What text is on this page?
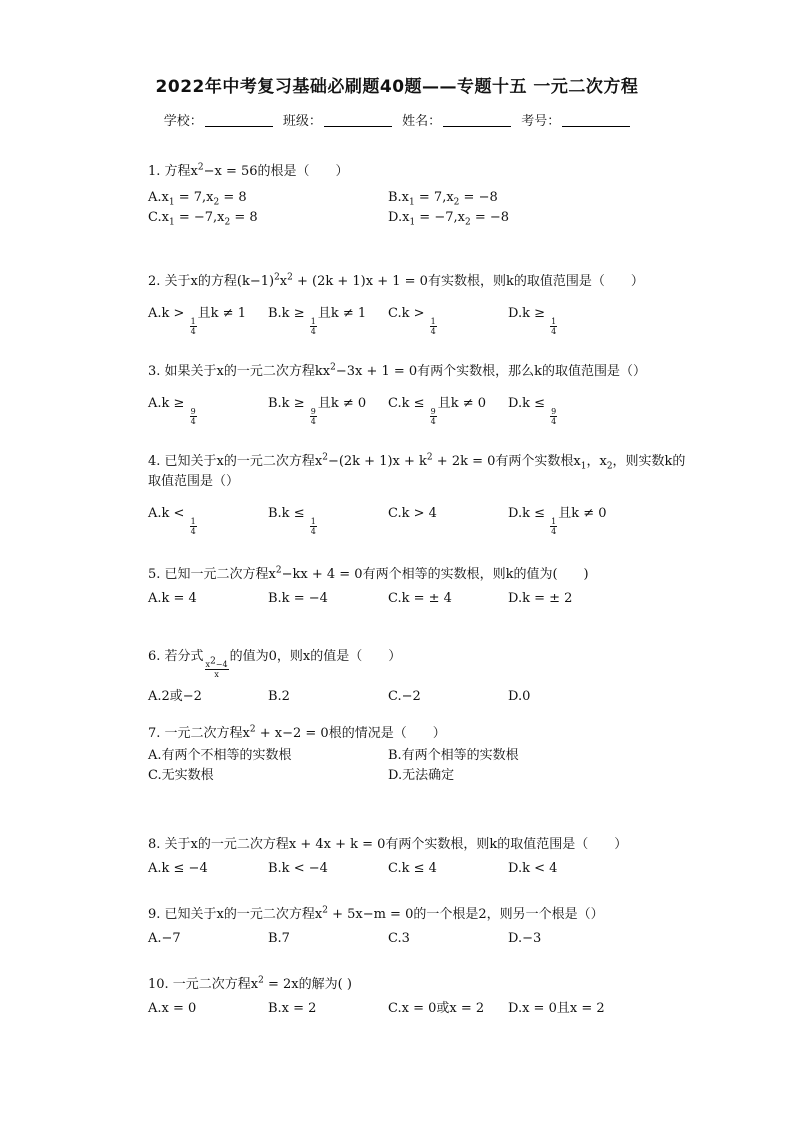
2022年中考复习基础必刷题40题——专题十五 一元二次方程
学校：	班级：	姓名：	考号：
1. 方程$x^2-x = 56$的根是（　　）
$A.x_1 = 7,x_2 = 8$	$B.x_1 = 7,x_2 = -8$
$C.x_1 = -7,x_2 = 8$	$D.x_1 = -7,x_2 = -8$
2. 关于x的方程$(k-1)^2x^2 + (2k + 1)x + 1 = 0$有实数根，则k的取值范围是（　　）
A.k >
$\frac{1}{4}$
且k ≠ 1	B.k ≥
$\frac{1}{4}$
且k ≠ 1	C.k >
$\frac{1}{4}$
D.k ≥
$\frac{1}{4}$
3. 如果关于x的一元二次方程$kx^2-3x + 1 = 0$有两个实数根，那么k的取值范围是（）
A.k ≥
$\frac{9}{4}$
B.k ≥
$\frac{9}{4}$
且k ≠ 0	C.k ≤
$\frac{9}{4}$
且k ≠ 0	D.k ≤
$\frac{9}{4}$
4. 已知关于x的一元二次方程$x^2-(2k + 1)x + k^2 + 2k = 0$有两个实数根$x_1$，$x_2$，则实数k的取值范围是（）
A.k <
$\frac{1}{4}$
B.k ≤
$\frac{1}{4}$
C.k > 4	D.k ≤
$\frac{1}{4}$
且k ≠ 0
5. 已知一元二次方程$x^2-kx + 4 = 0$有两个相等的实数根，则k的值为(　　)
A.k = 4	B.k = −4	C.k = ± 4	D.k = ± 2
6. 若分式
$\frac{x^2-4}{x}$
的值为0，则x的值是（　　）
A.2或−2	B.2	C.−2	D.0
7. 一元二次方程$x^2 + x-2 = 0$根的情况是（　　）
A.有两个不相等的实数根	B.有两个相等的实数根
C.无实数根	D.无法确定
8. 关于x的一元二次方程x + 4x + k = 0有两个实数根，则k的取值范围是（　　）
A.k ≤ −4	B.k < −4	C.k ≤ 4	D.k < 4
9. 已知关于x的一元二次方程$x^2 + 5x-m = 0$的一个根是2，则另一个根是（）
A.−7	B.7	C.3	D.−3
10. 一元二次方程$x^2 = 2x$的解为( )
A.x = 0	B.x = 2	C.x = 0或x = 2	D.x = 0且x = 2
